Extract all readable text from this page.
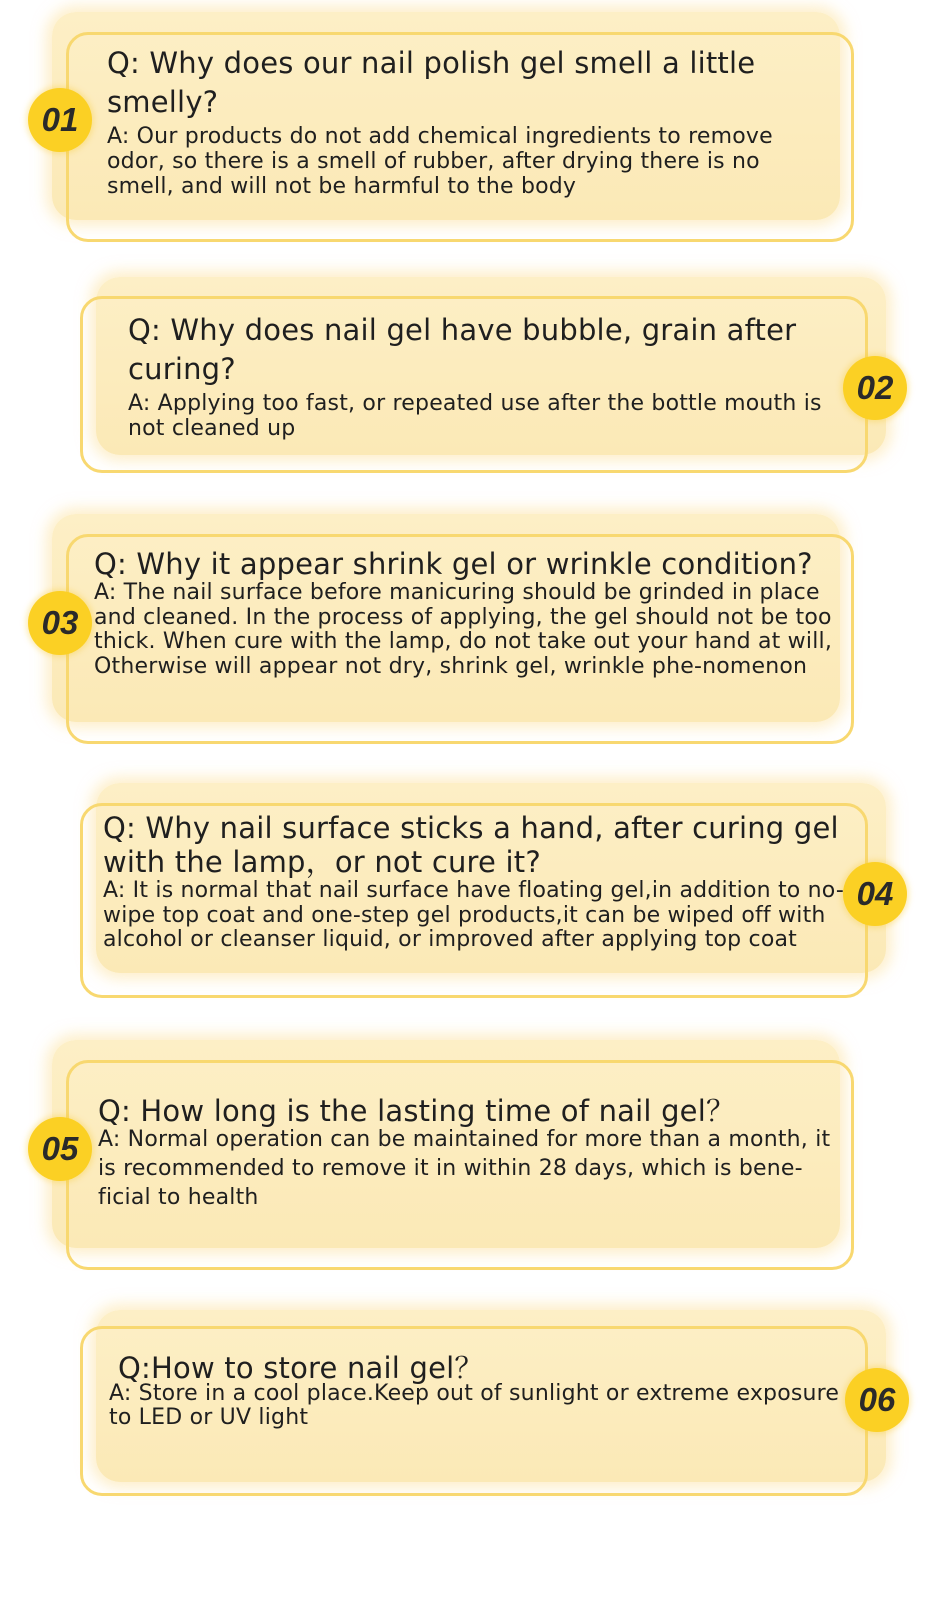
01

Q: Why does our nail polish gel smell a little smelly?

A: Our products do not add chemical ingredients to remove odor, so there is a smell of rubber, after drying there is no smell, and will not be harmful to the body

02

Q: Why does nail gel have bubble, grain after curing?

A: Applying too fast, or repeated use after the bottle mouth is not cleaned up

03

Q: Why it appear shrink gel or wrinkle condition?

A: The nail surface before manicuring should be grinded in place and cleaned. In the process of applying, the gel should not be too thick. When cure with the lamp, do not take out your hand at will, Otherwise will appear not dry, shrink gel, wrinkle phe-nomenon

04

Q: Why nail surface sticks a hand, after curing gel with the lamp，or not cure it?

A: It is normal that nail surface have floating gel,in addition to no-wipe top coat and one-step gel products,it can be wiped off with alcohol or cleanser liquid, or improved after applying top coat

05

Q: How long is the lasting time of nail gel？

A: Normal operation can be maintained for more than a month, it is recommended to remove it in within 28 days, which is bene-ficial to health

06

Q:How to store nail gel？

A: Store in a cool place.Keep out of sunlight or extreme exposure to LED or UV light
